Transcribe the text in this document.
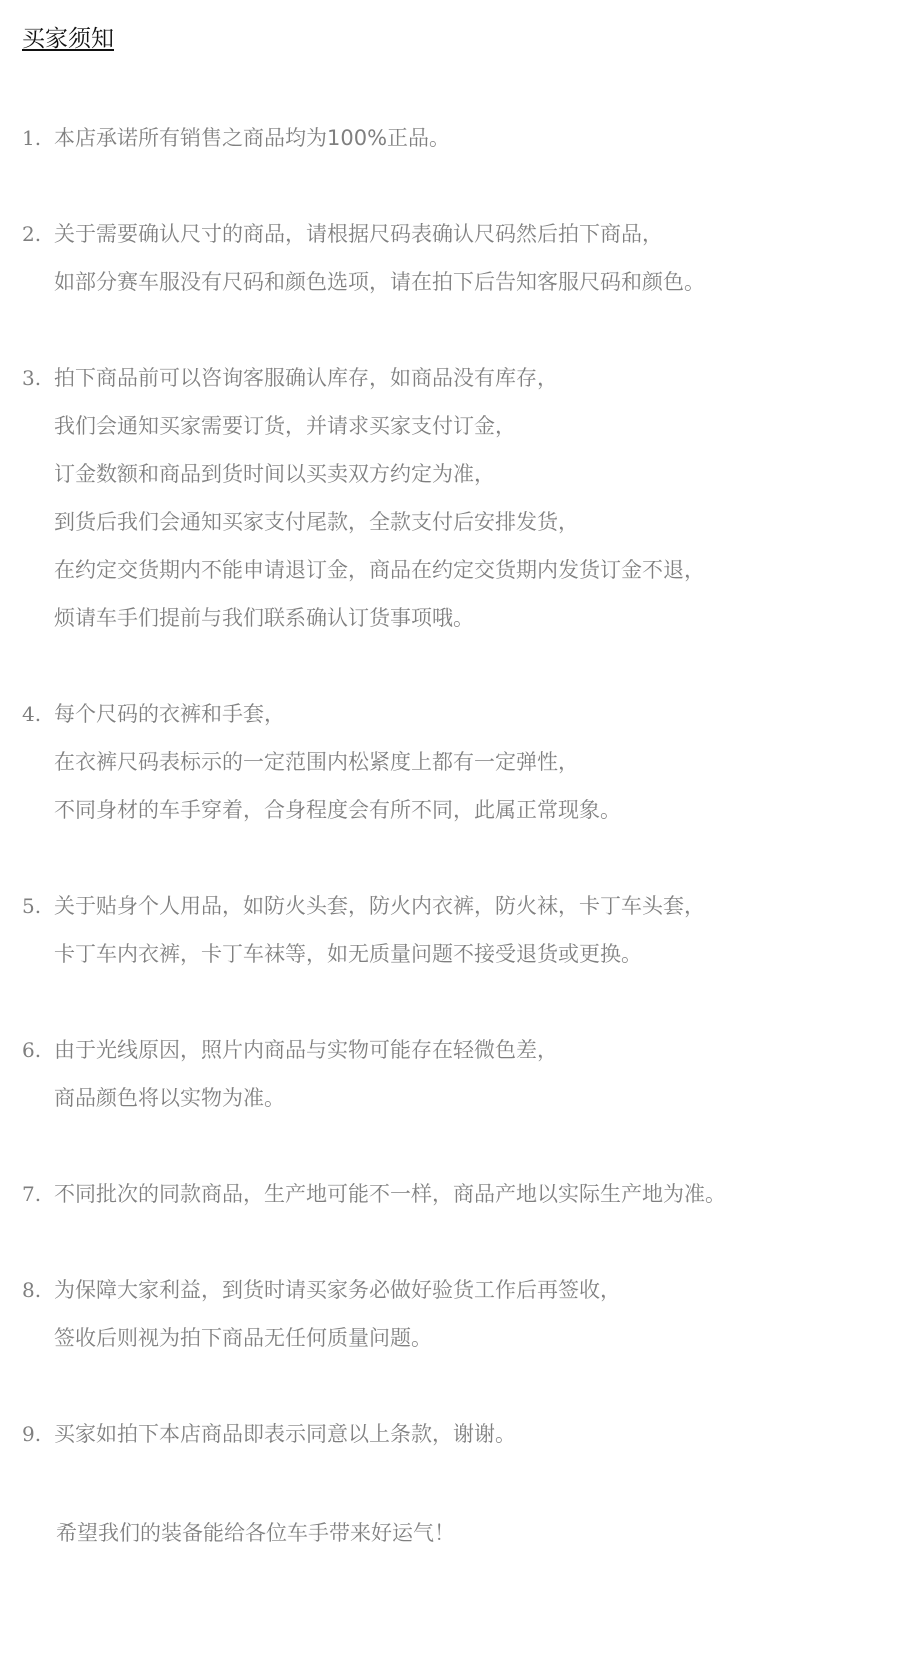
买家须知
1. 本店承诺所有销售之商品均为100%正品。
2. 关于需要确认尺寸的商品，请根据尺码表确认尺码然后拍下商品，
如部分赛车服没有尺码和颜色选项，请在拍下后告知客服尺码和颜色。
3. 拍下商品前可以咨询客服确认库存，如商品没有库存，
我们会通知买家需要订货，并请求买家支付订金，
订金数额和商品到货时间以买卖双方约定为准，
到货后我们会通知买家支付尾款，全款支付后安排发货，
在约定交货期内不能申请退订金，商品在约定交货期内发货订金不退，
烦请车手们提前与我们联系确认订货事项哦。
4. 每个尺码的衣裤和手套，
在衣裤尺码表标示的一定范围内松紧度上都有一定弹性，
不同身材的车手穿着，合身程度会有所不同，此属正常现象。
5. 关于贴身个人用品，如防火头套，防火内衣裤，防火袜，卡丁车头套，
卡丁车内衣裤，卡丁车袜等，如无质量问题不接受退货或更换。
6. 由于光线原因，照片内商品与实物可能存在轻微色差，
商品颜色将以实物为准。
7. 不同批次的同款商品，生产地可能不一样，商品产地以实际生产地为准。
8. 为保障大家利益，到货时请买家务必做好验货工作后再签收，
签收后则视为拍下商品无任何质量问题。
9. 买家如拍下本店商品即表示同意以上条款，谢谢。
希望我们的装备能给各位车手带来好运气！
